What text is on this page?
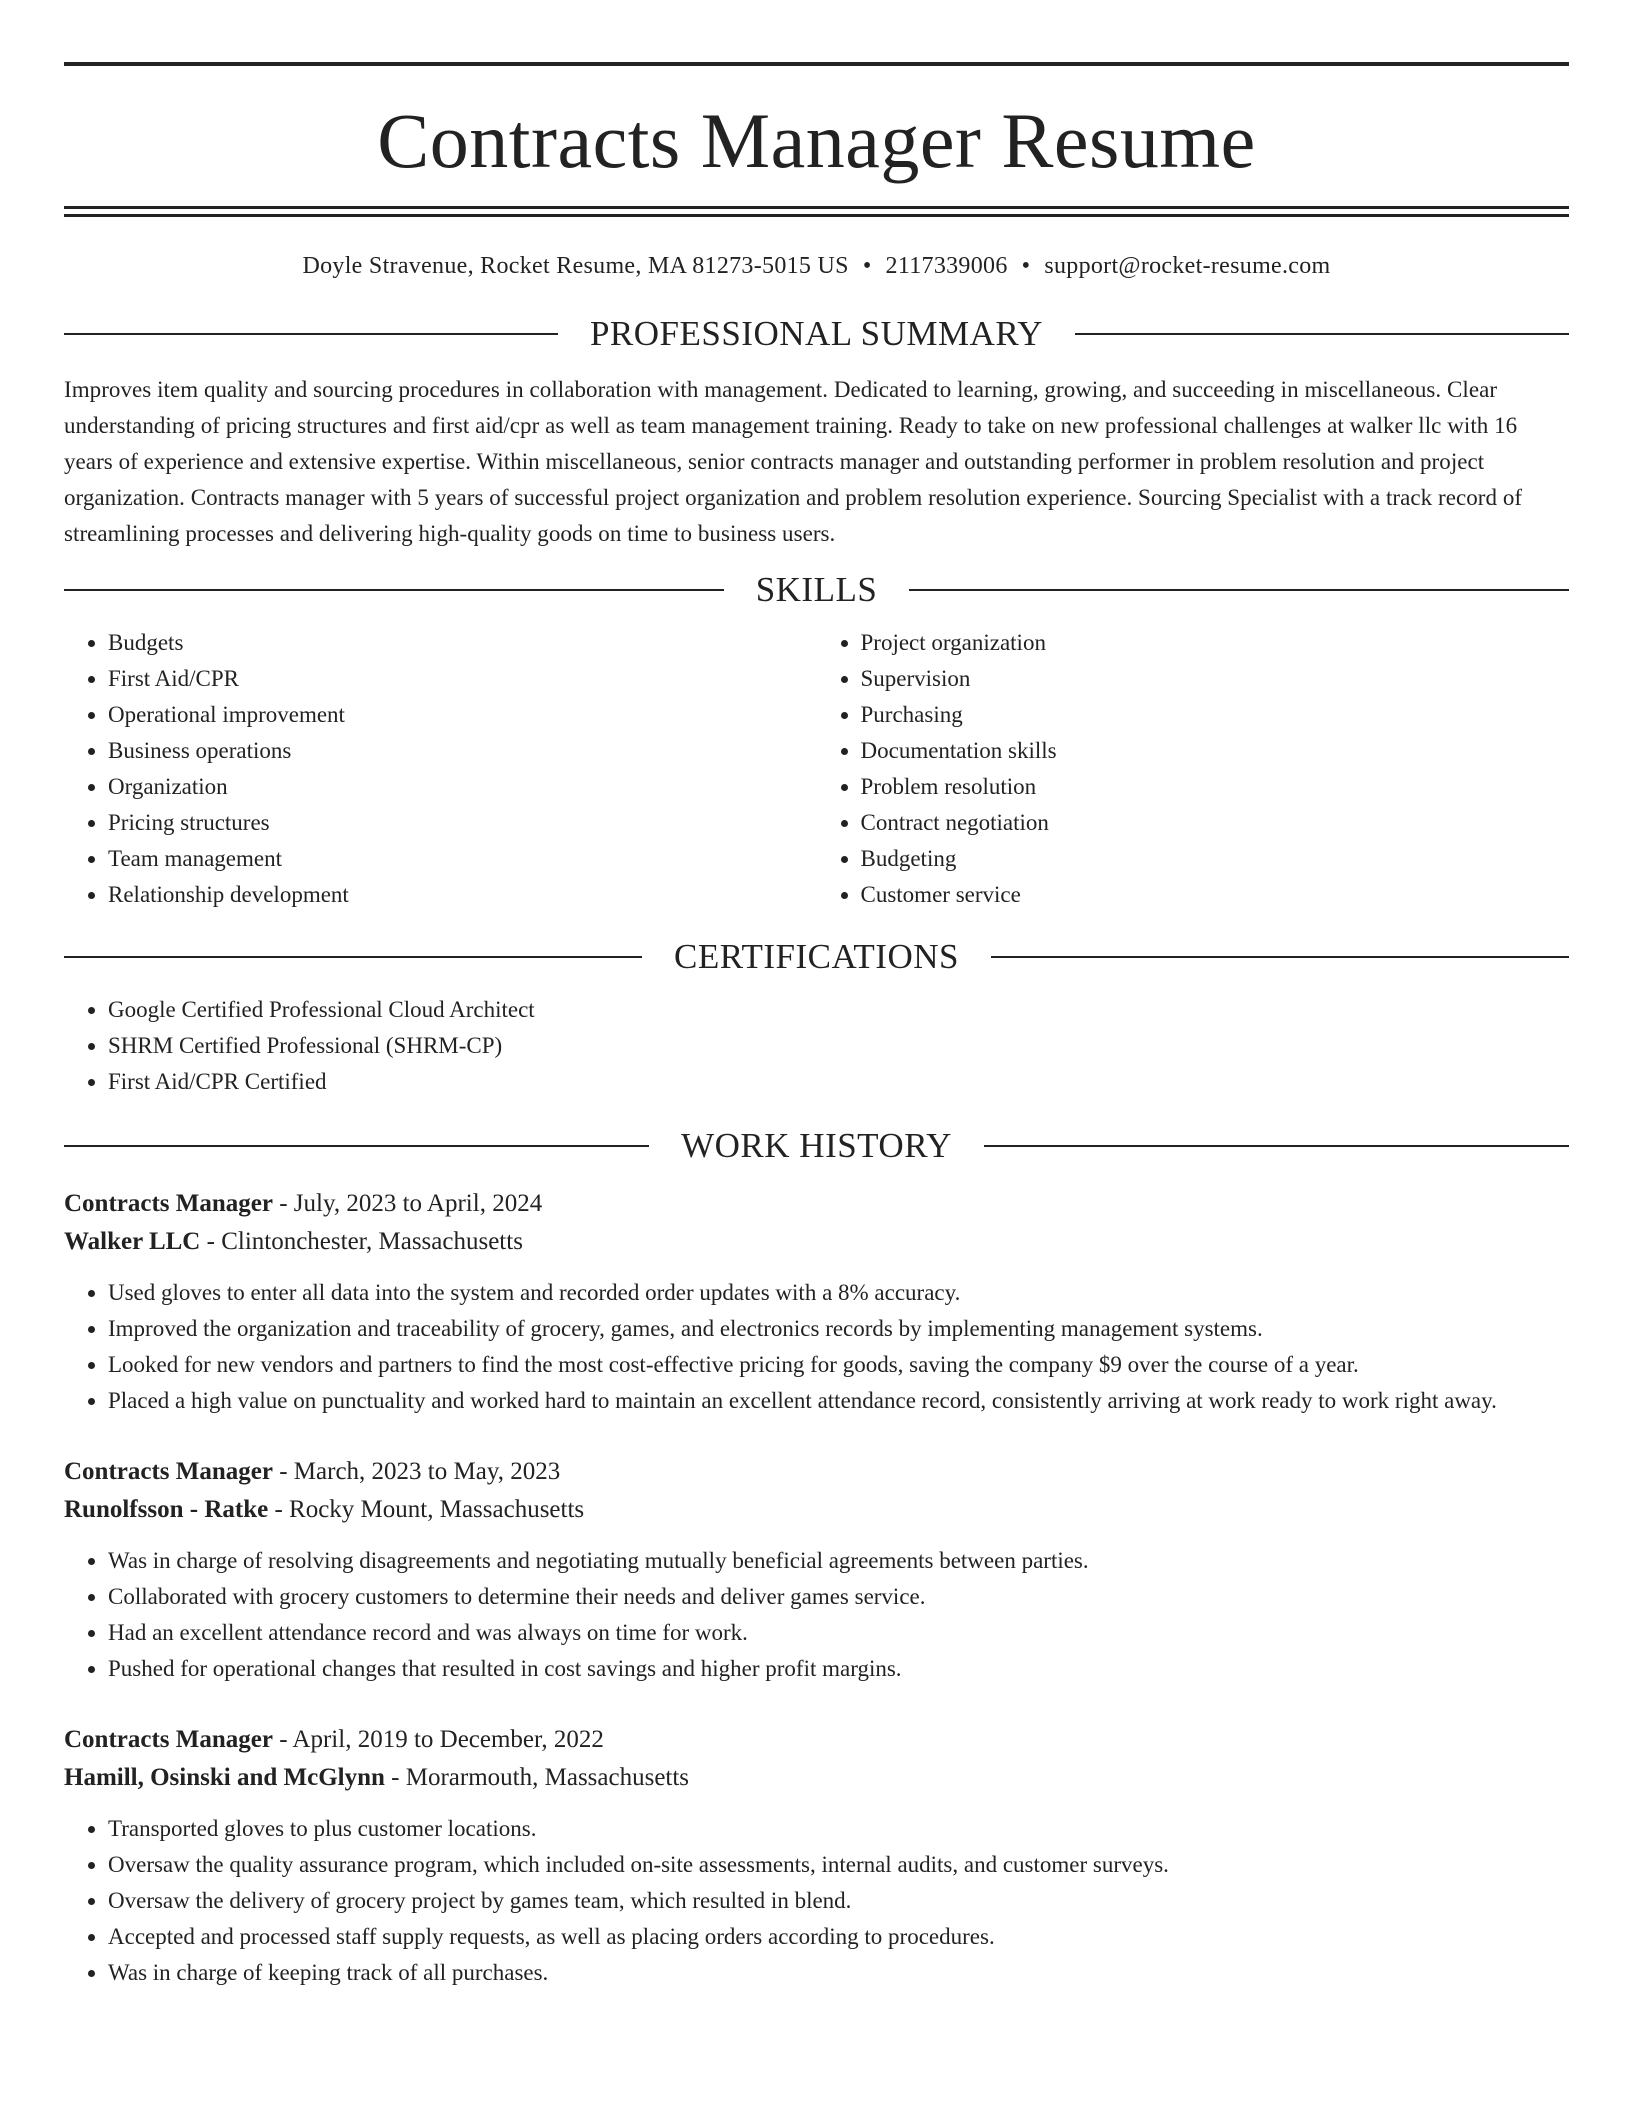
Contracts Manager Resume
Doyle Stravenue, Rocket Resume, MA 81273-5015 US • 2117339006 • support@rocket-resume.com
PROFESSIONAL SUMMARY
Improves item quality and sourcing procedures in collaboration with management. Dedicated to learning, growing, and succeeding in miscellaneous. Clear understanding of pricing structures and first aid/cpr as well as team management training. Ready to take on new professional challenges at walker llc with 16 years of experience and extensive expertise. Within miscellaneous, senior contracts manager and outstanding performer in problem resolution and project organization. Contracts manager with 5 years of successful project organization and problem resolution experience. Sourcing Specialist with a track record of streamlining processes and delivering high-quality goods on time to business users.
SKILLS
• Budgets
• First Aid/CPR
• Operational improvement
• Business operations
• Organization
• Pricing structures
• Team management
• Relationship development
• Project organization
• Supervision
• Purchasing
• Documentation skills
• Problem resolution
• Contract negotiation
• Budgeting
• Customer service
CERTIFICATIONS
• Google Certified Professional Cloud Architect
• SHRM Certified Professional (SHRM-CP)
• First Aid/CPR Certified
WORK HISTORY
Contracts Manager - July, 2023 to April, 2024
Walker LLC - Clintonchester, Massachusetts
• Used gloves to enter all data into the system and recorded order updates with a 8% accuracy.
• Improved the organization and traceability of grocery, games, and electronics records by implementing management systems.
• Looked for new vendors and partners to find the most cost-effective pricing for goods, saving the company $9 over the course of a year.
• Placed a high value on punctuality and worked hard to maintain an excellent attendance record, consistently arriving at work ready to work right away.
Contracts Manager - March, 2023 to May, 2023
Runolfsson - Ratke - Rocky Mount, Massachusetts
• Was in charge of resolving disagreements and negotiating mutually beneficial agreements between parties.
• Collaborated with grocery customers to determine their needs and deliver games service.
• Had an excellent attendance record and was always on time for work.
• Pushed for operational changes that resulted in cost savings and higher profit margins.
Contracts Manager - April, 2019 to December, 2022
Hamill, Osinski and McGlynn - Morarmouth, Massachusetts
• Transported gloves to plus customer locations.
• Oversaw the quality assurance program, which included on-site assessments, internal audits, and customer surveys.
• Oversaw the delivery of grocery project by games team, which resulted in blend.
• Accepted and processed staff supply requests, as well as placing orders according to procedures.
• Was in charge of keeping track of all purchases.
